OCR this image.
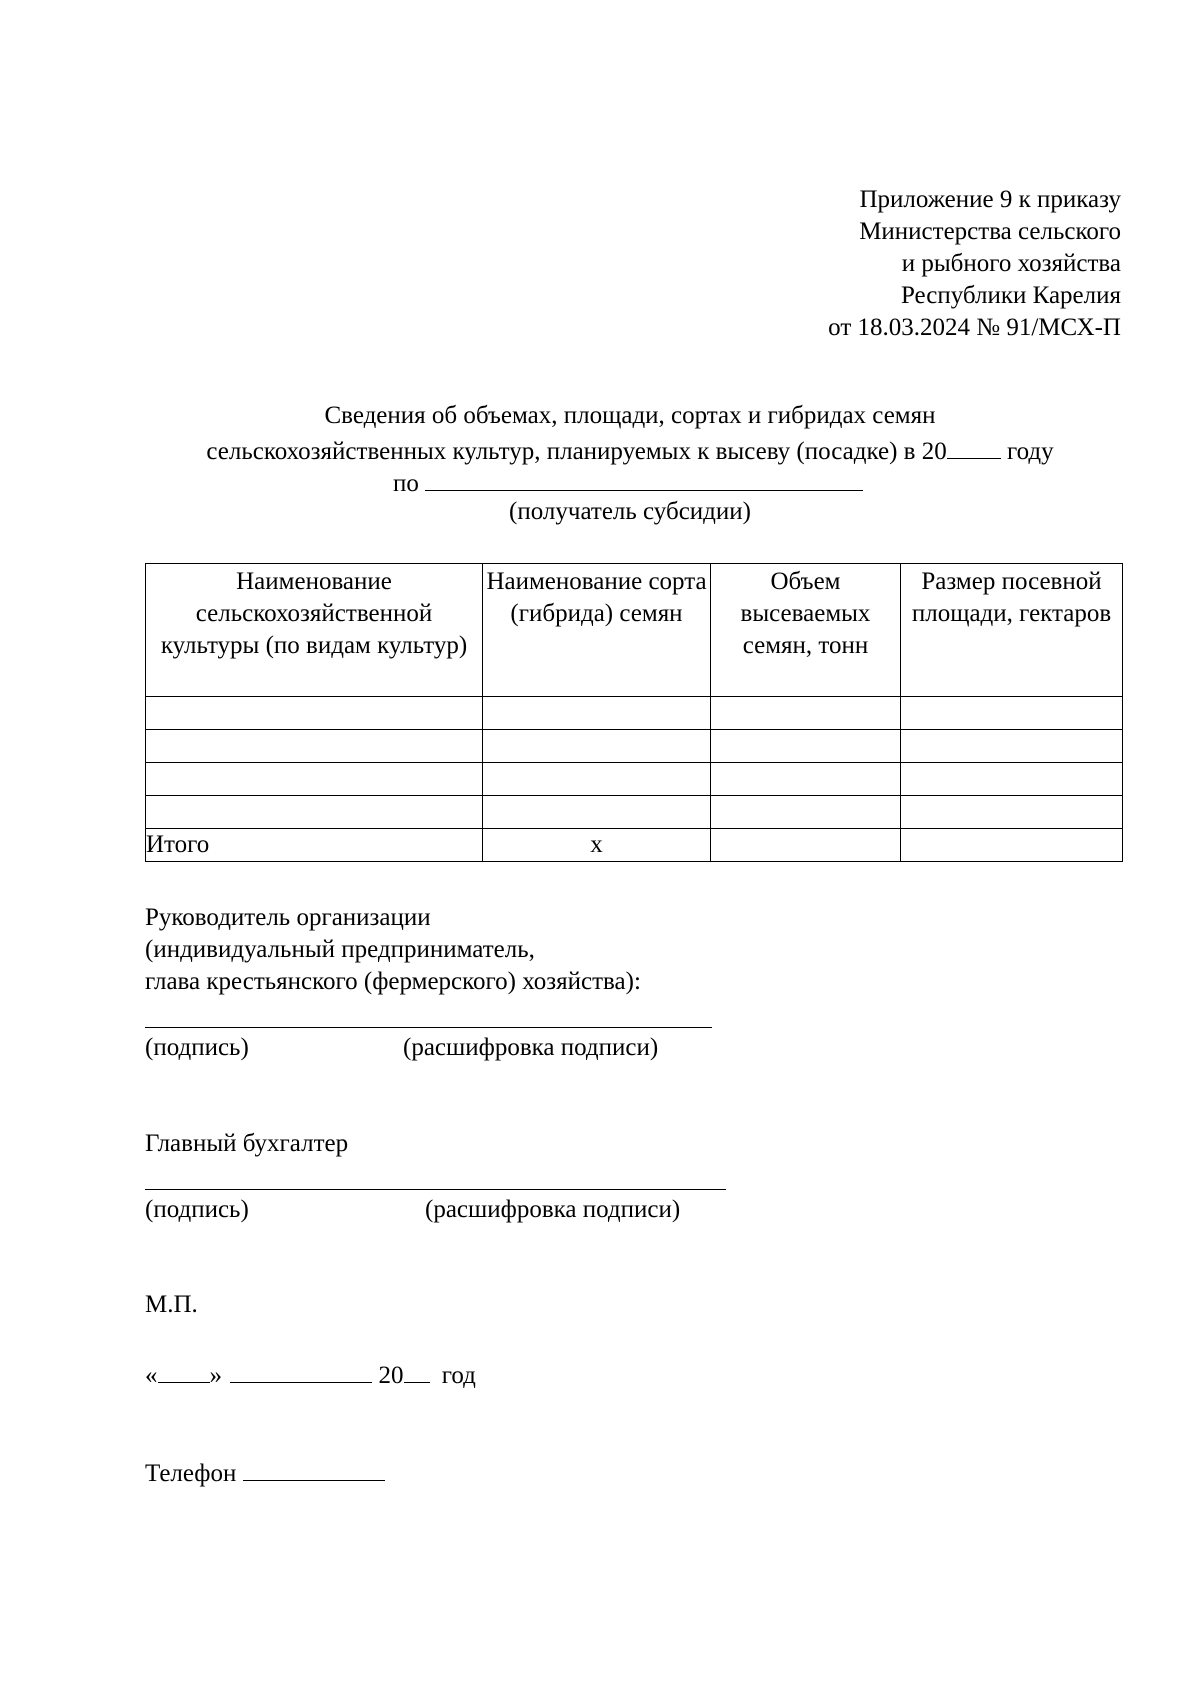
Приложение 9 к приказу
Министерства сельского
и рыбного хозяйства
Республики Карелия
от 18.03.2024 № 91/МСХ-П
Сведения об объемах, площади, сортах и гибридах семян
сельскохозяйственных культур, планируемых к высеву (посадке) в 20 году
по
(получатель субсидии)
Наименование сельскохозяйственной культуры (по видам культур)	Наименование сорта (гибрида) семян	Объем высеваемых семян, тонн	Размер посевной площади, гектаров

Итого	х		
Руководитель организации
(индивидуальный предприниматель,
глава крестьянского (фермерского) хозяйства):
(подпись)	(расшифровка подписи)
Главный бухгалтер
(подпись)	(расшифровка подписи)
М.П.
« »	20 год
Телефон
